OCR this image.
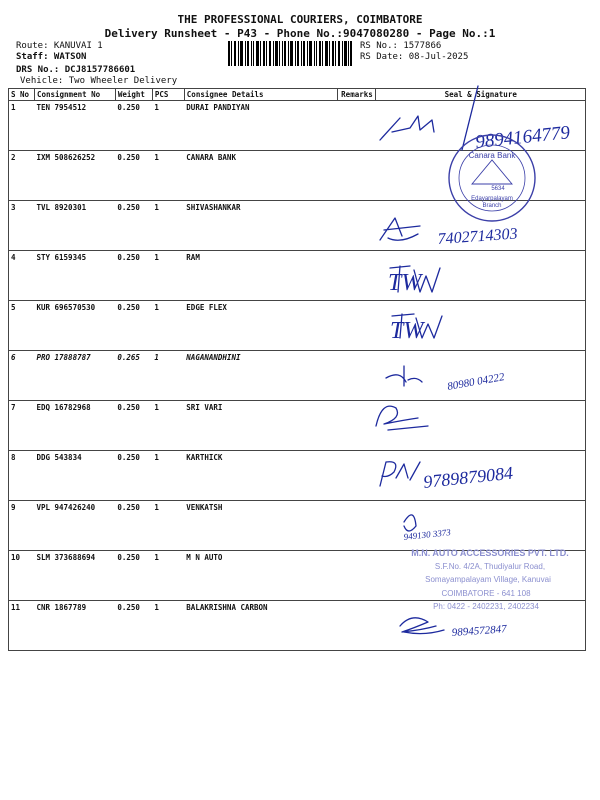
THE PROFESSIONAL COURIERS, COIMBATORE
Delivery Runsheet - P43 - Phone No.:9047080280 - Page No.:1
Route: KANUVAI 1
Staff: WATSON
DRS No.: DCJ8157786601
Vehicle: Two Wheeler Delivery
RS No.: 1577866
RS Date: 08-Jul-2025
S No	Consignment No	Weight	PCS	Consignee Details	Remarks	Seal & Signature
1	TEN 7954512	0.250	1	DURAI PANDIYAN		
2	IXM 508626252	0.250	1	CANARA BANK		
3	TVL 8920301	0.250	1	SHIVASHANKAR		
4	STY 6159345	0.250	1	RAM		
5	KUR 696570530	0.250	1	EDGE FLEX		
6	PRO 17888787	0.265	1	NAGANANDHINI		
7	EDQ 16782968	0.250	1	SRI VARI		
8	DDG 543834	0.250	1	KARTHICK		
9	VPL 947426240	0.250	1	VENKATSH		
10	SLM 373688694	0.250	1	M N AUTO		
11	CNR 1867789	0.250	1	BALAKRISHNA CARBON		
9894164779
7402714303
80980 04222
9789879084
949130 3373
9894572847
TW
TW
Canara Bank
5634
Edayarpalayam
Branch
M.N. AUTO ACCESSORIES PVT. LTD.
S.F.No. 4/2A, Thudiyalur Road,
Somayampalayam Village, Kanuvai
COIMBATORE - 641 108
Ph: 0422 - 2402231, 2402234
